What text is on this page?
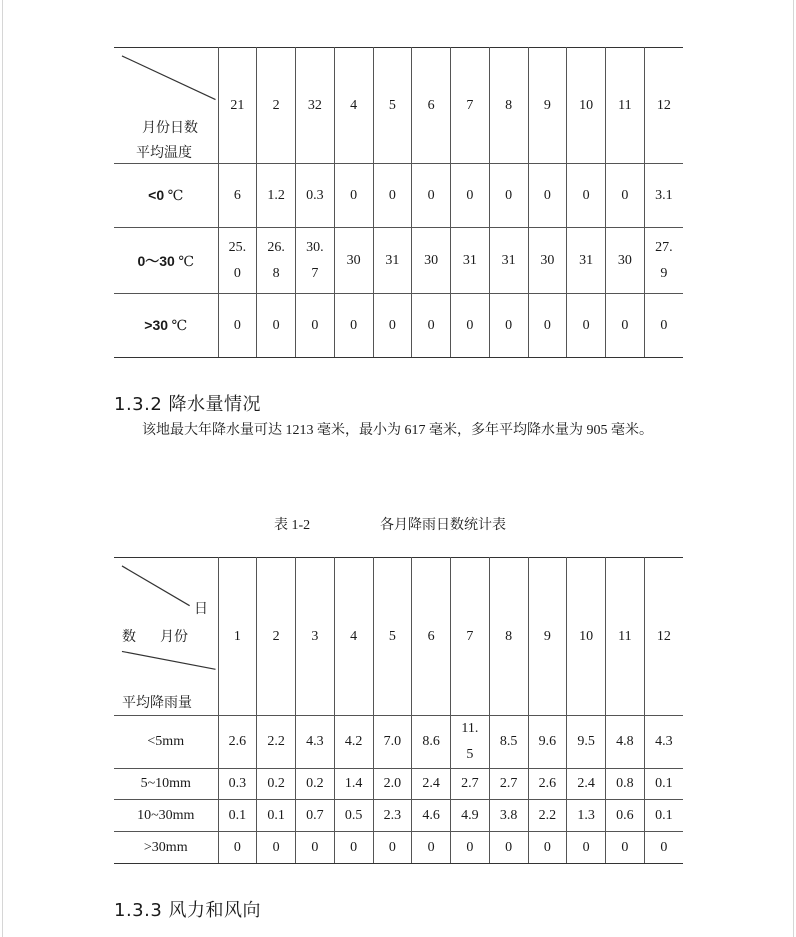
月份日数
平均温度	21	2	32	4	5	6	7	8	9	10	11	12
<0 ℃	6	1.2	0.3	0	0	0	0	0	0	0	0	3.1
0～30 ℃	25.0	26.8	30.7	30	31	30	31	31	30	31	30	27.9
>30 ℃	0	0	0	0	0	0	0	0	0	0	0	0
1.3.2 降水量情况
该地最大年降水量可达 1213 毫米，最小为 617 毫米，多年平均降水量为 905 毫米。
表 1-2	各月降雨日数统计表
日
数 月份
平均降雨量	1	2	3	4	5	6	7	8	9	10	11	12
<5mm	2.6	2.2	4.3	4.2	7.0	8.6	11.5	8.5	9.6	9.5	4.8	4.3
5~10mm	0.3	0.2	0.2	1.4	2.0	2.4	2.7	2.7	2.6	2.4	0.8	0.1
10~30mm	0.1	0.1	0.7	0.5	2.3	4.6	4.9	3.8	2.2	1.3	0.6	0.1
>30mm	0	0	0	0	0	0	0	0	0	0	0	0
1.3.3 风力和风向
